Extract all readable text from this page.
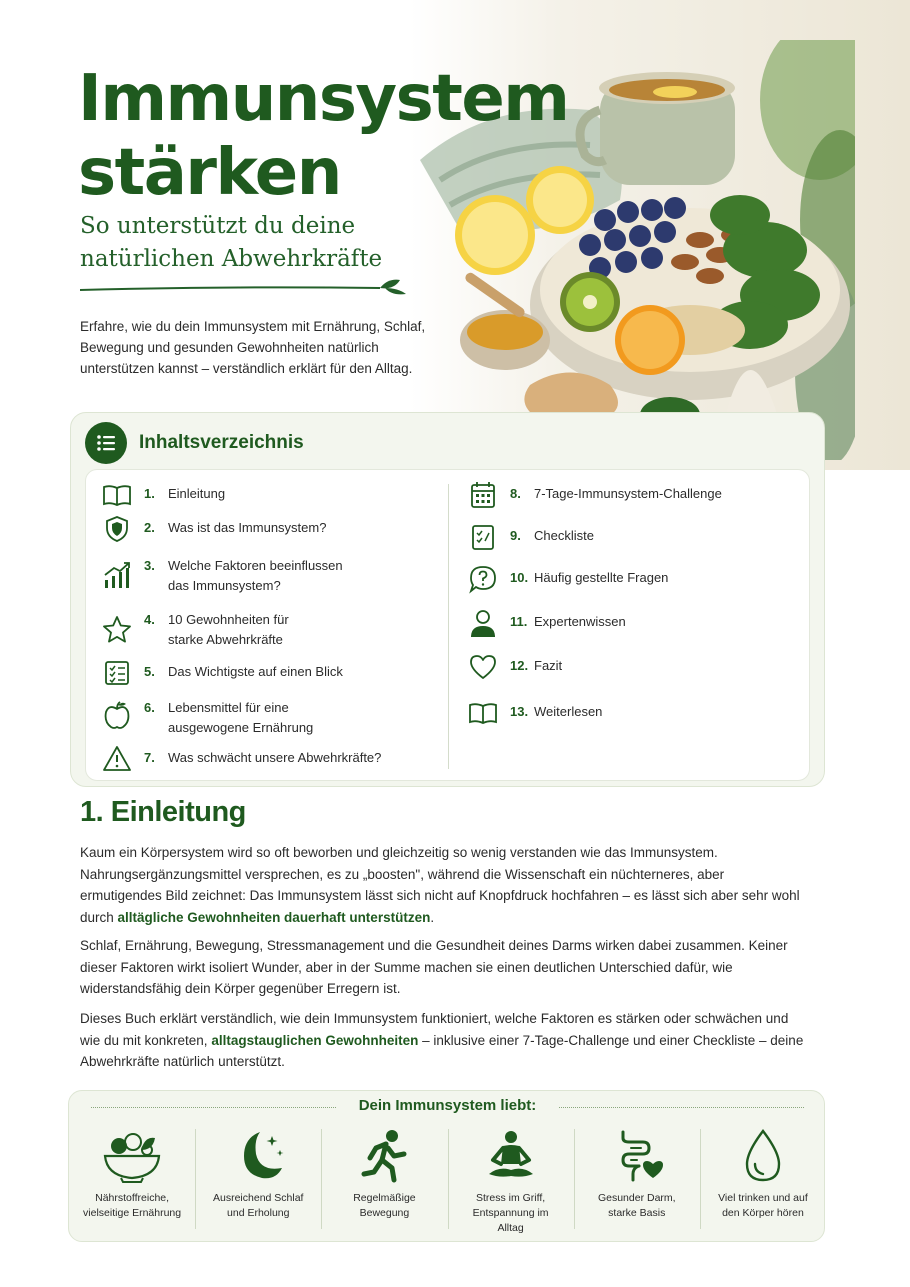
Immunsystem
stärken
So unterstützt du deine
natürlichen Abwehrkräfte

Erfahre, wie du dein Immunsystem mit Ernährung, Schlaf, Bewegung und gesunden Gewohnheiten natürlich unterstützen kannst – verständlich erklärt für den Alltag.

Inhaltsverzeichnis
1.	Einleitung
2.	Was ist das Immunsystem?
3.	Welche Faktoren beeinflussen das Immunsystem?
4.	10 Gewohnheiten für starke Abwehrkräfte
5.	Das Wichtigste auf einen Blick
6.	Lebensmittel für eine ausgewogene Ernährung
7.	Was schwächt unsere Abwehrkräfte?
8.	7-Tage-Immunsystem-Challenge
9.	Checkliste
10. Häufig gestellte Fragen
11. Expertenwissen
12. Fazit
13. Weiterlesen
1. Einleitung

Kaum ein Körpersystem wird so oft beworben und gleichzeitig so wenig verstanden wie das Immunsystem. Nahrungsergänzungsmittel versprechen, es zu „boosten", während die Wissenschaft ein nüchterneres, aber ermutigendes Bild zeichnet: Das Immunsystem lässt sich nicht auf Knopfdruck hochfahren – es lässt sich aber sehr wohl durch alltägliche Gewohnheiten dauerhaft unterstützen.

Schlaf, Ernährung, Bewegung, Stressmanagement und die Gesundheit deines Darms wirken dabei zusammen. Keiner dieser Faktoren wirkt isoliert Wunder, aber in der Summe machen sie einen deutlichen Unterschied dafür, wie widerstandsfähig dein Körper gegenüber Erregern ist.

Dieses Buch erklärt verständlich, wie dein Immunsystem funktioniert, welche Faktoren es stärken oder schwächen und wie du mit konkreten, alltagstauglichen Gewohnheiten – inklusive einer 7-Tage-Challenge und einer Checkliste – deine Abwehrkräfte natürlich unterstützt.

Dein Immunsystem liebt:
Nährstoffreiche, vielseitige Ernährung
Ausreichend Schlaf und Erholung
Regelmäßige Bewegung
Stress im Griff, Entspannung im Alltag
Gesunder Darm, starke Basis
Viel trinken und auf den Körper hören
